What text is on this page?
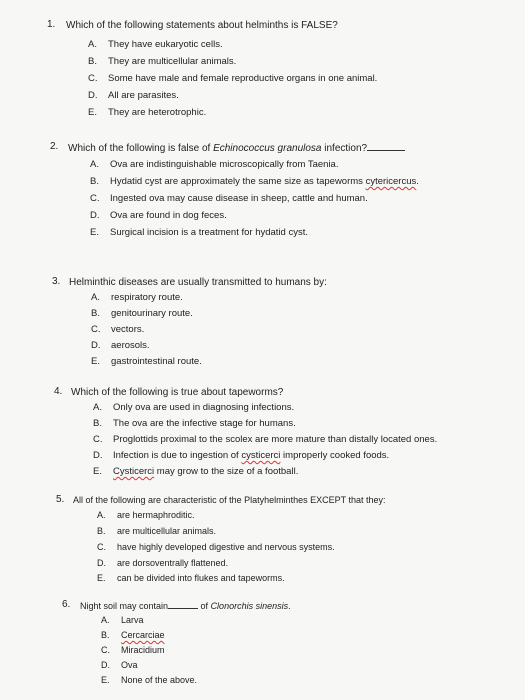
1. Which of the following statements about helminths is FALSE?
A. They have eukaryotic cells.
B. They are multicellular animals.
C. Some have male and female reproductive organs in one animal.
D. All are parasites.
E. They are heterotrophic.
2. Which of the following is false of Echinococcus granulosa infection?
A. Ova are indistinguishable microscopically from Taenia.
B. Hydatid cyst are approximately the same size as tapeworms cytericercus.
C. Ingested ova may cause disease in sheep, cattle and human.
D. Ova are found in dog feces.
E. Surgical incision is a treatment for hydatid cyst.
3. Helminthic diseases are usually transmitted to humans by:
A. respiratory route.
B. genitourinary route.
C. vectors.
D. aerosols.
E. gastrointestinal route.
4. Which of the following is true about tapeworms?
A. Only ova are used in diagnosing infections.
B. The ova are the infective stage for humans.
C. Proglottids proximal to the scolex are more mature than distally located ones.
D. Infection is due to ingestion of cysticerci improperly cooked foods.
E. Cysticerci may grow to the size of a football.
5. All of the following are characteristic of the Platyhelminthes EXCEPT that they:
A. are hermaphroditic.
B. are multicellular animals.
C. have highly developed digestive and nervous systems.
D. are dorsoventrally flattened.
E. can be divided into flukes and tapeworms.
6. Night soil may contain	of Clonorchis sinensis.
A. Larva
B. Cercarciae
C. Miracidium
D. Ova
E. None of the above.
